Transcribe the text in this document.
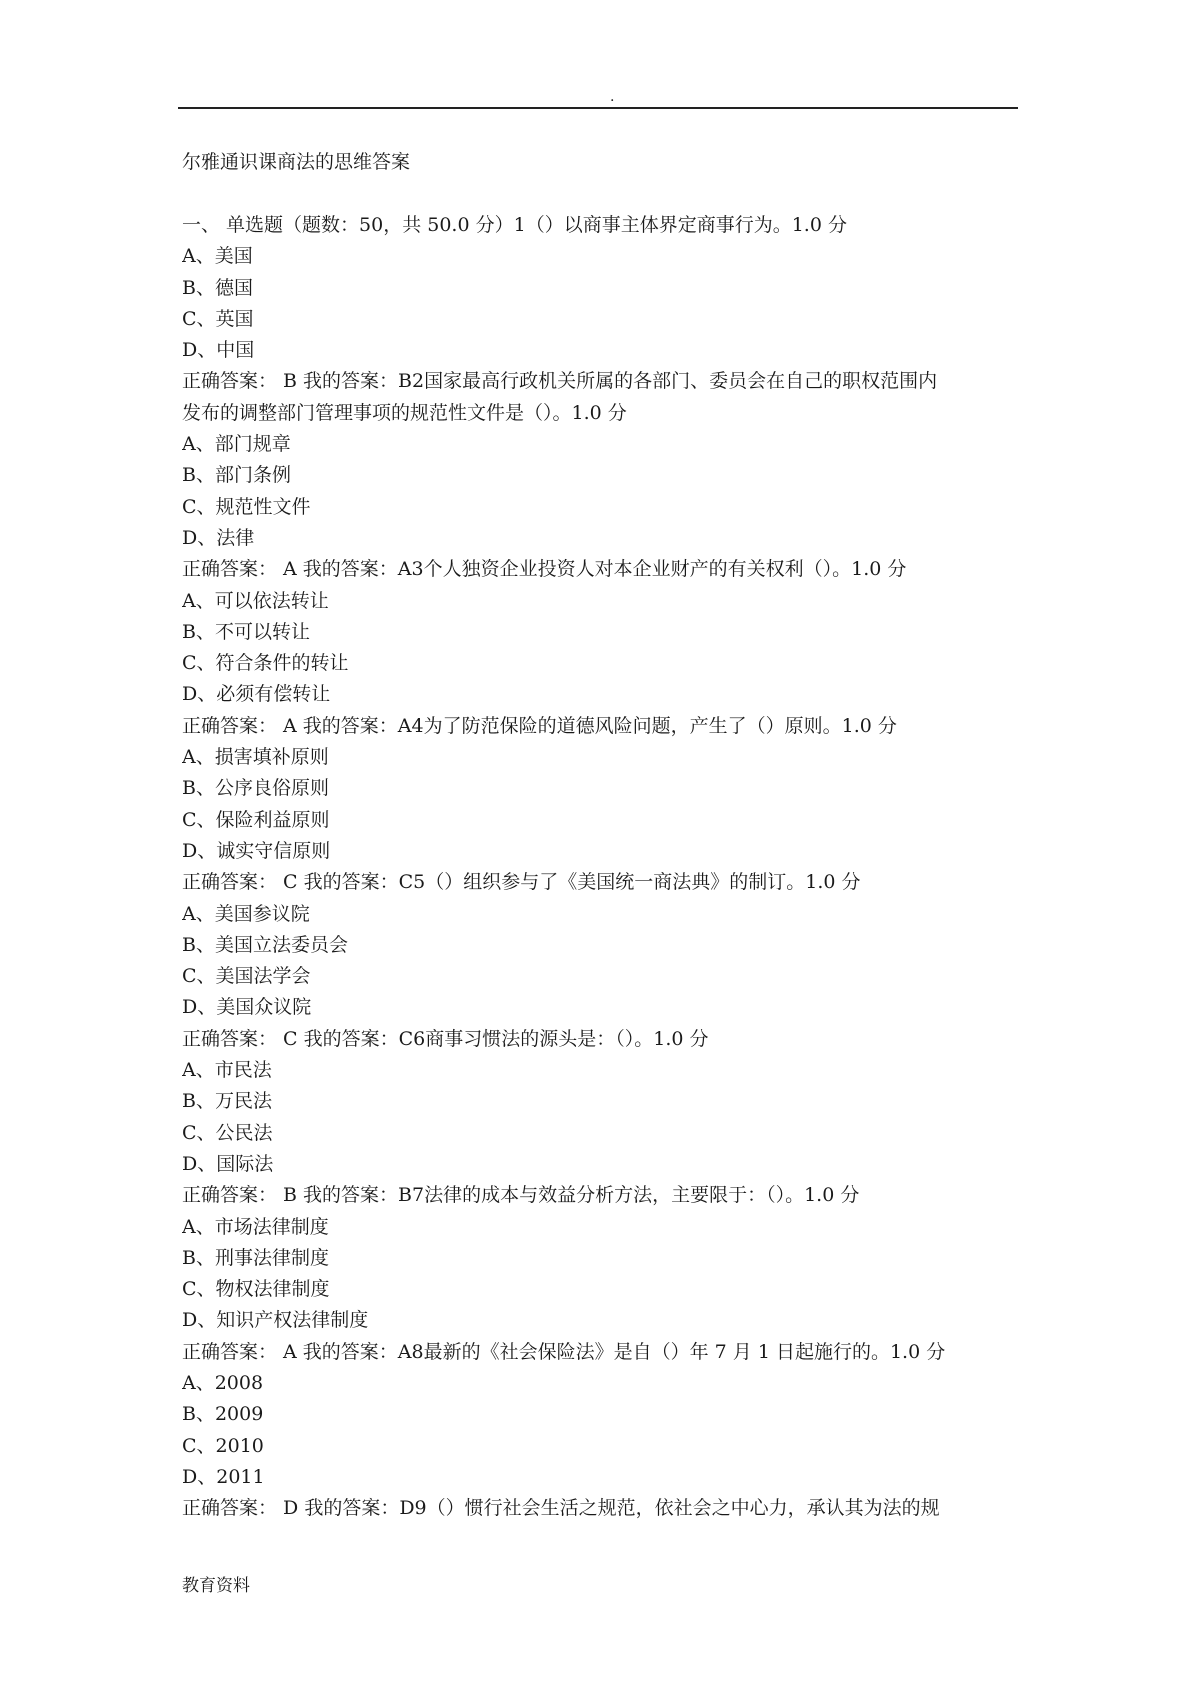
.
尔雅通识课商法的思维答案
一、 单选题（题数：50，共 50.0 分）1（）以商事主体界定商事行为。1.0 分
A、美国
B、德国
C、英国
D、中国
正确答案： B 我的答案：B2国家最高行政机关所属的各部门、委员会在自己的职权范围内
发布的调整部门管理事项的规范性文件是（）。1.0 分
A、部门规章
B、部门条例
C、规范性文件
D、法律
正确答案： A 我的答案：A3个人独资企业投资人对本企业财产的有关权利（）。1.0 分
A、可以依法转让
B、不可以转让
C、符合条件的转让
D、必须有偿转让
正确答案： A 我的答案：A4为了防范保险的道德风险问题，产生了（）原则。1.0 分
A、损害填补原则
B、公序良俗原则
C、保险利益原则
D、诚实守信原则
正确答案： C 我的答案：C5（）组织参与了《美国统一商法典》的制订。1.0 分
A、美国参议院
B、美国立法委员会
C、美国法学会
D、美国众议院
正确答案： C 我的答案：C6商事习惯法的源头是：（）。1.0 分
A、市民法
B、万民法
C、公民法
D、国际法
正确答案： B 我的答案：B7法律的成本与效益分析方法，主要限于：（）。1.0 分
A、市场法律制度
B、刑事法律制度
C、物权法律制度
D、知识产权法律制度
正确答案： A 我的答案：A8最新的《社会保险法》是自（）年 7 月 1 日起施行的。1.0 分
A、2008
B、2009
C、2010
D、2011
正确答案： D 我的答案：D9（）惯行社会生活之规范，依社会之中心力，承认其为法的规
教育资料
